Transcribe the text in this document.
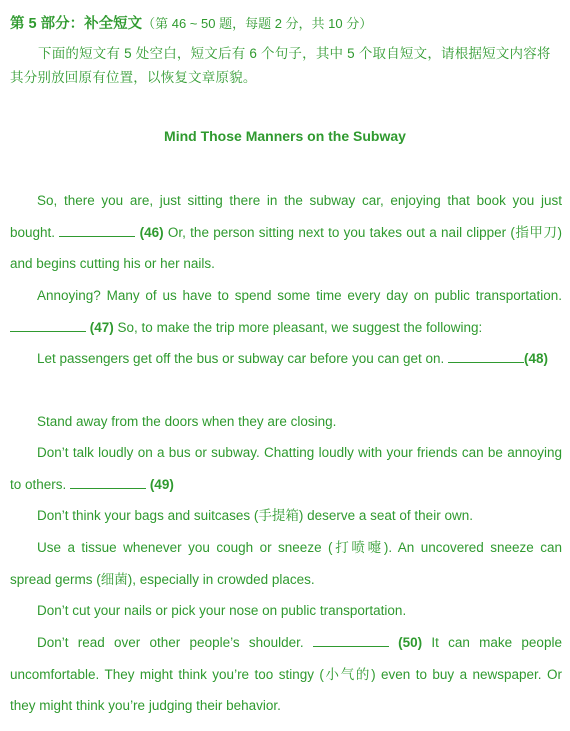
第 5 部分：补全短文（第 46 ~ 50 题，每题 2 分，共 10 分）
下面的短文有 5 处空白，短文后有 6 个句子，其中 5 个取自短文，请根据短文内容将其分别放回原有位置，以恢复文章原貌。
Mind Those Manners on the Subway
So, there you are, just sitting there in the subway car, enjoying that book you just bought.	(46) Or, the person sitting next to you takes out a nail clipper (指甲刀) and begins cutting his or her nails.
Annoying? Many of us have to spend some time every day on public transportation.  (47) So, to make the trip more pleasant, we suggest the following:
Let passengers get off the bus or subway car before you can get on.	(48)
Stand away from the doors when they are closing.
Don’t talk loudly on a bus or subway. Chatting loudly with your friends can be annoying to others.	(49)
Don’t think your bags and suitcases (手提箱) deserve a seat of their own.
Use a tissue whenever you cough or sneeze (打喷嚏). An uncovered sneeze can spread germs (细菌), especially in crowded places.
Don’t cut your nails or pick your nose on public transportation.
Don’t read over other people’s shoulder.	(50) It can make people uncomfortable. They might think you’re too stingy (小气的) even to buy a newspaper. Or they might think you’re judging their behavior.
